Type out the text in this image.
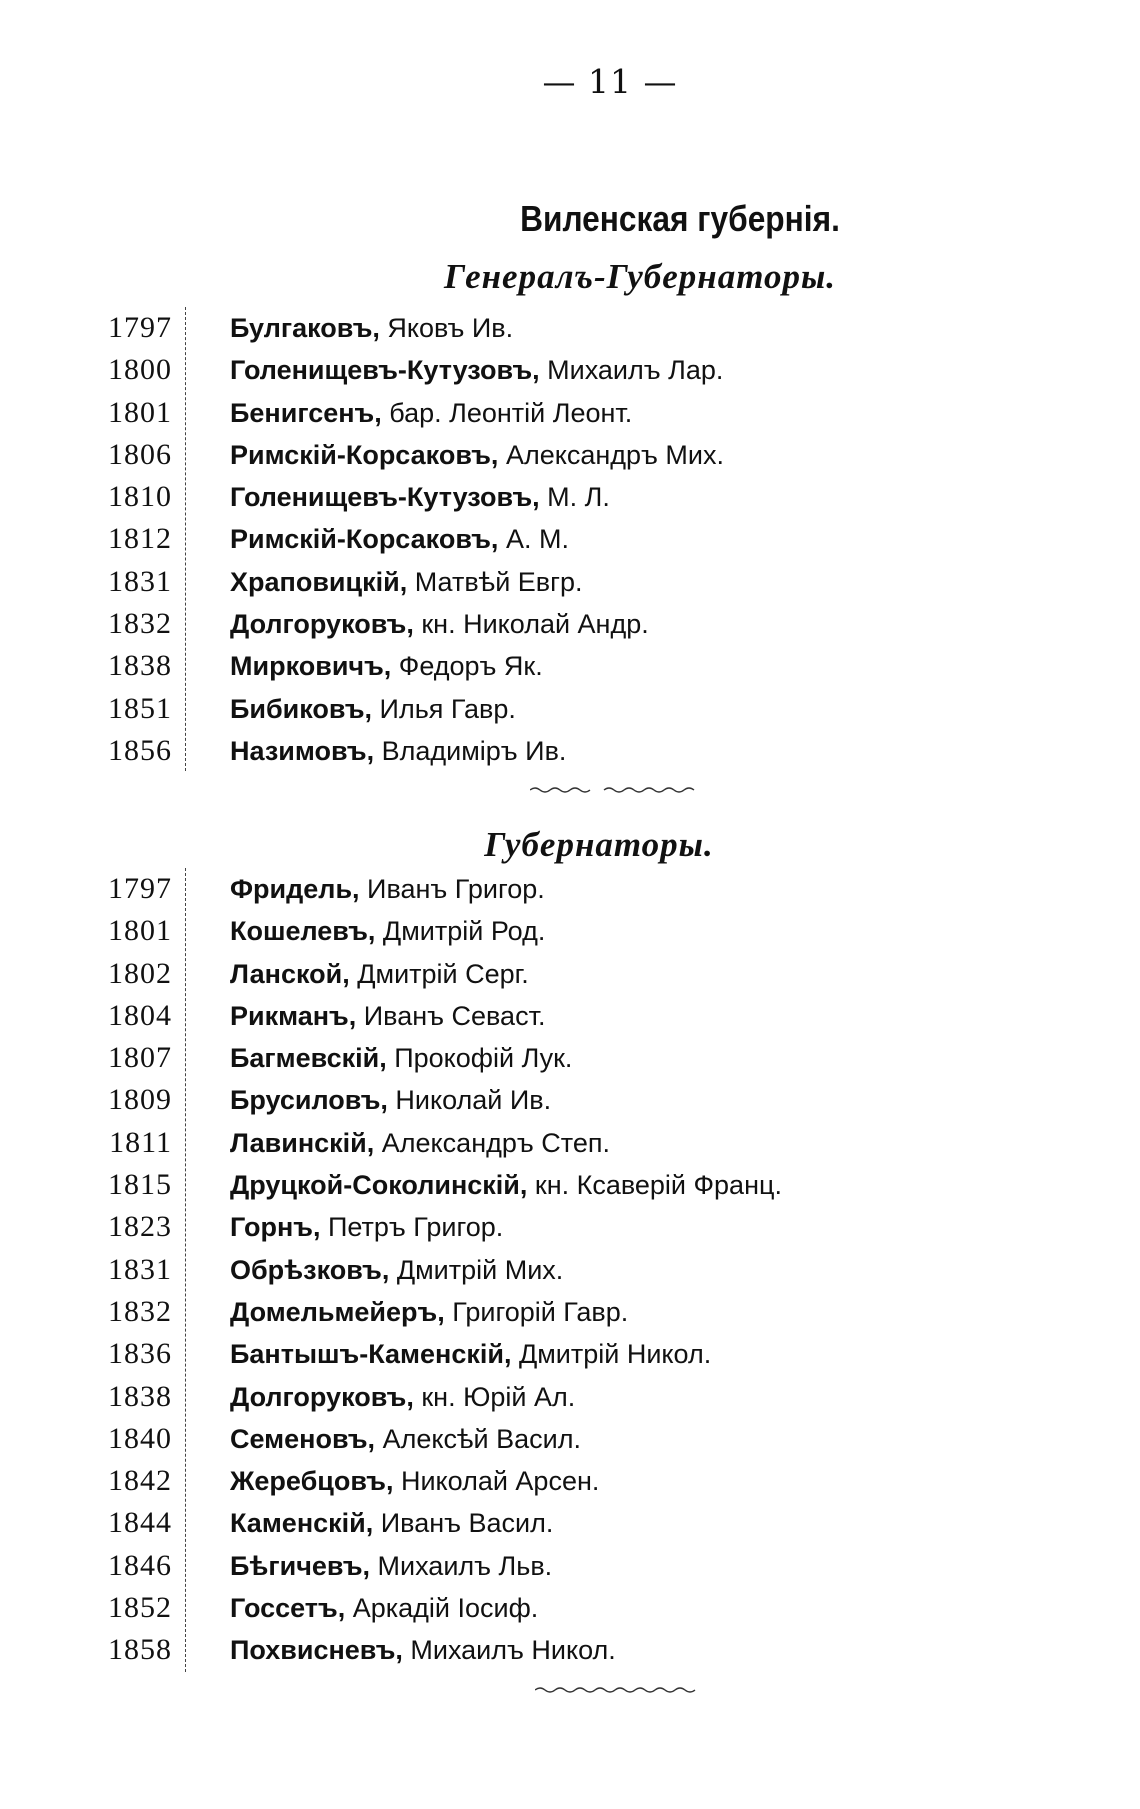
— 11 —
Виленская губернія.
Генералъ-Губернаторы.
1797 Булгаковъ, Яковъ Ив.
1800 Голенищевъ-Кутузовъ, Михаилъ Лар.
1801 Бенигсенъ, бар. Леонтій Леонт.
1806 Римскій-Корсаковъ, Александръ Мих.
1810 Голенищевъ-Кутузовъ, М. Л.
1812 Римскій-Корсаковъ, А. М.
1831 Храповицкій, Матвѣй Евгр.
1832 Долгоруковъ, кн. Николай Андр.
1838 Мирковичъ, Федоръ Як.
1851 Бибиковъ, Илья Гавр.
1856 Назимовъ, Владиміръ Ив.
Губернаторы.
1797 Фридель, Иванъ Григор.
1801 Кошелевъ, Дмитрій Род.
1802 Ланской, Дмитрій Серг.
1804 Рикманъ, Иванъ Севаст.
1807 Багмевскій, Прокофій Лук.
1809 Брусиловъ, Николай Ив.
1811 Лавинскій, Александръ Степ.
1815 Друцкой-Соколинскій, кн. Ксаверій Франц.
1823 Горнъ, Петръ Григор.
1831 Обрѣзковъ, Дмитрій Мих.
1832 Домельмейеръ, Григорій Гавр.
1836 Бантышъ-Каменскій, Дмитрій Никол.
1838 Долгоруковъ, кн. Юрій Ал.
1840 Семеновъ, Алексѣй Васил.
1842 Жеребцовъ, Николай Арсен.
1844 Каменскій, Иванъ Васил.
1846 Бѣгичевъ, Михаилъ Льв.
1852 Госсетъ, Аркадій Іосиф.
1858 Похвисневъ, Михаилъ Никол.
